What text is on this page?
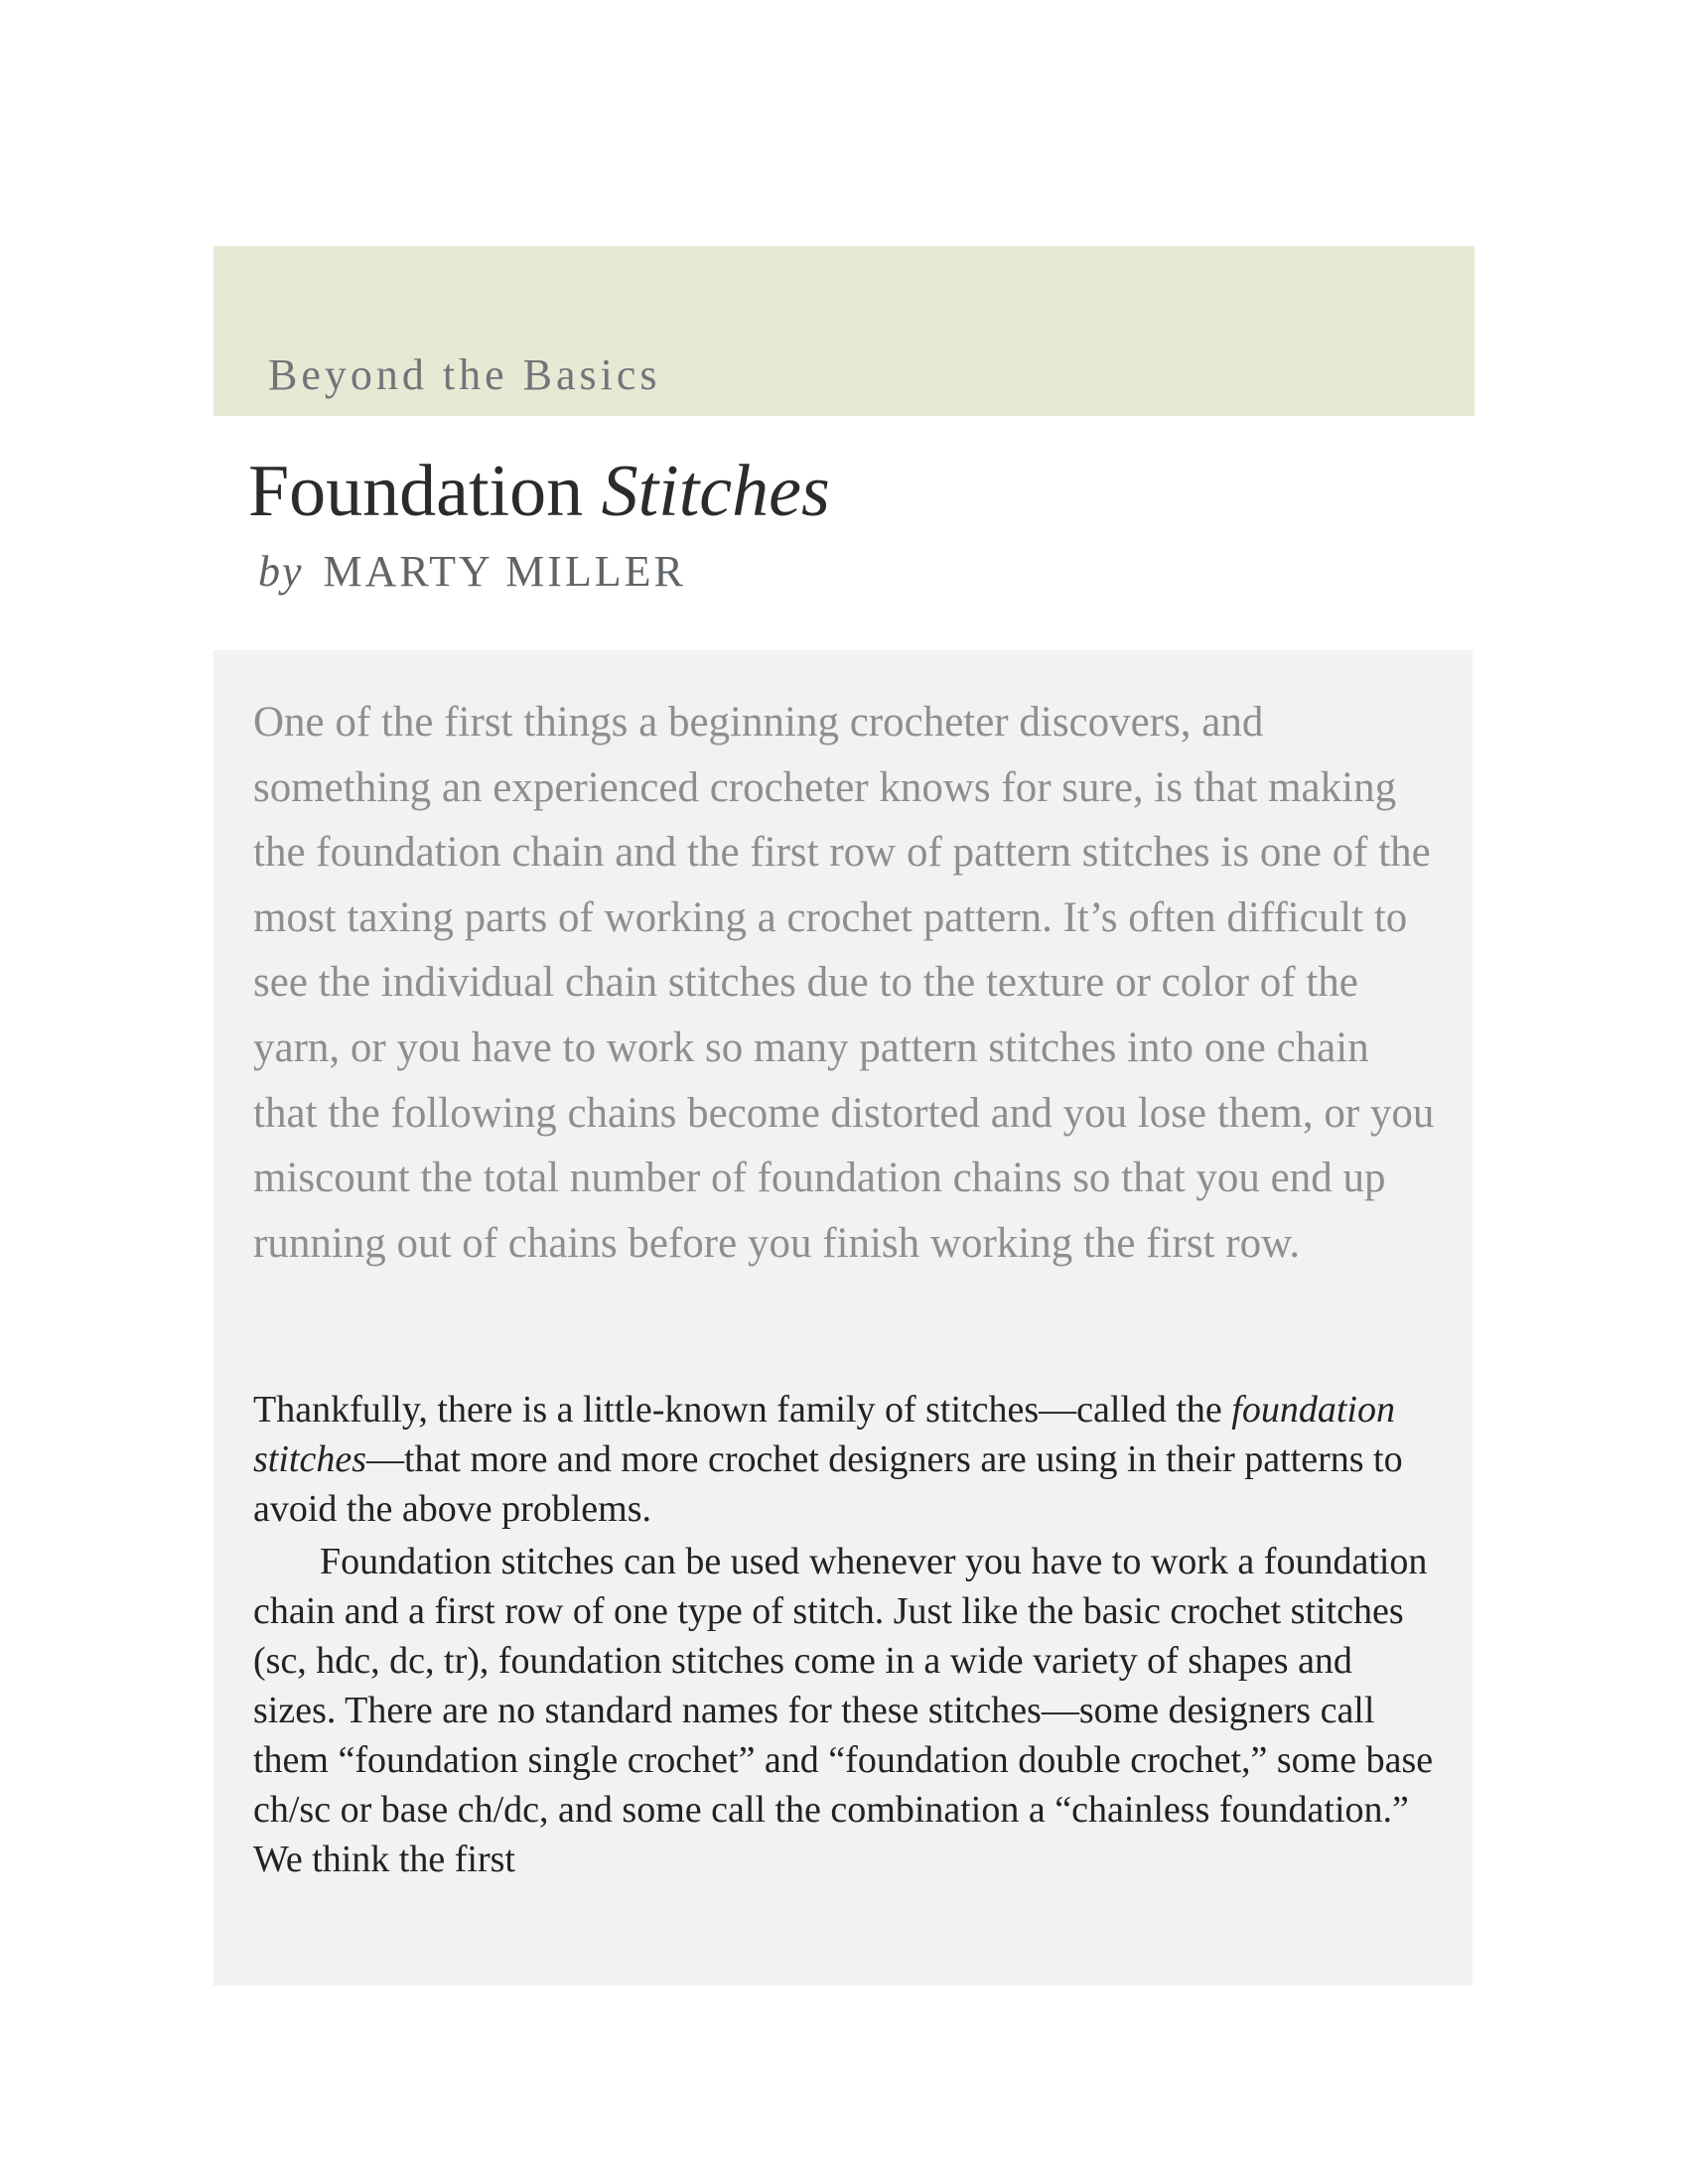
Beyond the Basics
Foundation Stitches
by MARTY MILLER

One of the first things a beginning crocheter discovers, and something an experienced crocheter knows for sure, is that making the foundation chain and the first row of pattern stitches is one of the most taxing parts of working a crochet pattern. It’s often difficult to see the individual chain stitches due to the texture or color of the yarn, or you have to work so many pattern stitches into one chain that the following chains become distorted and you lose them, or you miscount the total number of foundation chains so that you end up running out of chains before you finish working the first row.

Thankfully, there is a little-known family of stitches—called the foundation stitches—that more and more crochet designers are using in their patterns to avoid the above problems.

Foundation stitches can be used whenever you have to work a foundation chain and a first row of one type of stitch. Just like the basic crochet stitches (sc, hdc, dc, tr), foundation stitches come in a wide variety of shapes and sizes. There are no standard names for these stitches—some designers call them “foundation single crochet” and “foundation double crochet,” some base ch/sc or base ch/dc, and some call the combination a “chainless foundation.” We think the first
